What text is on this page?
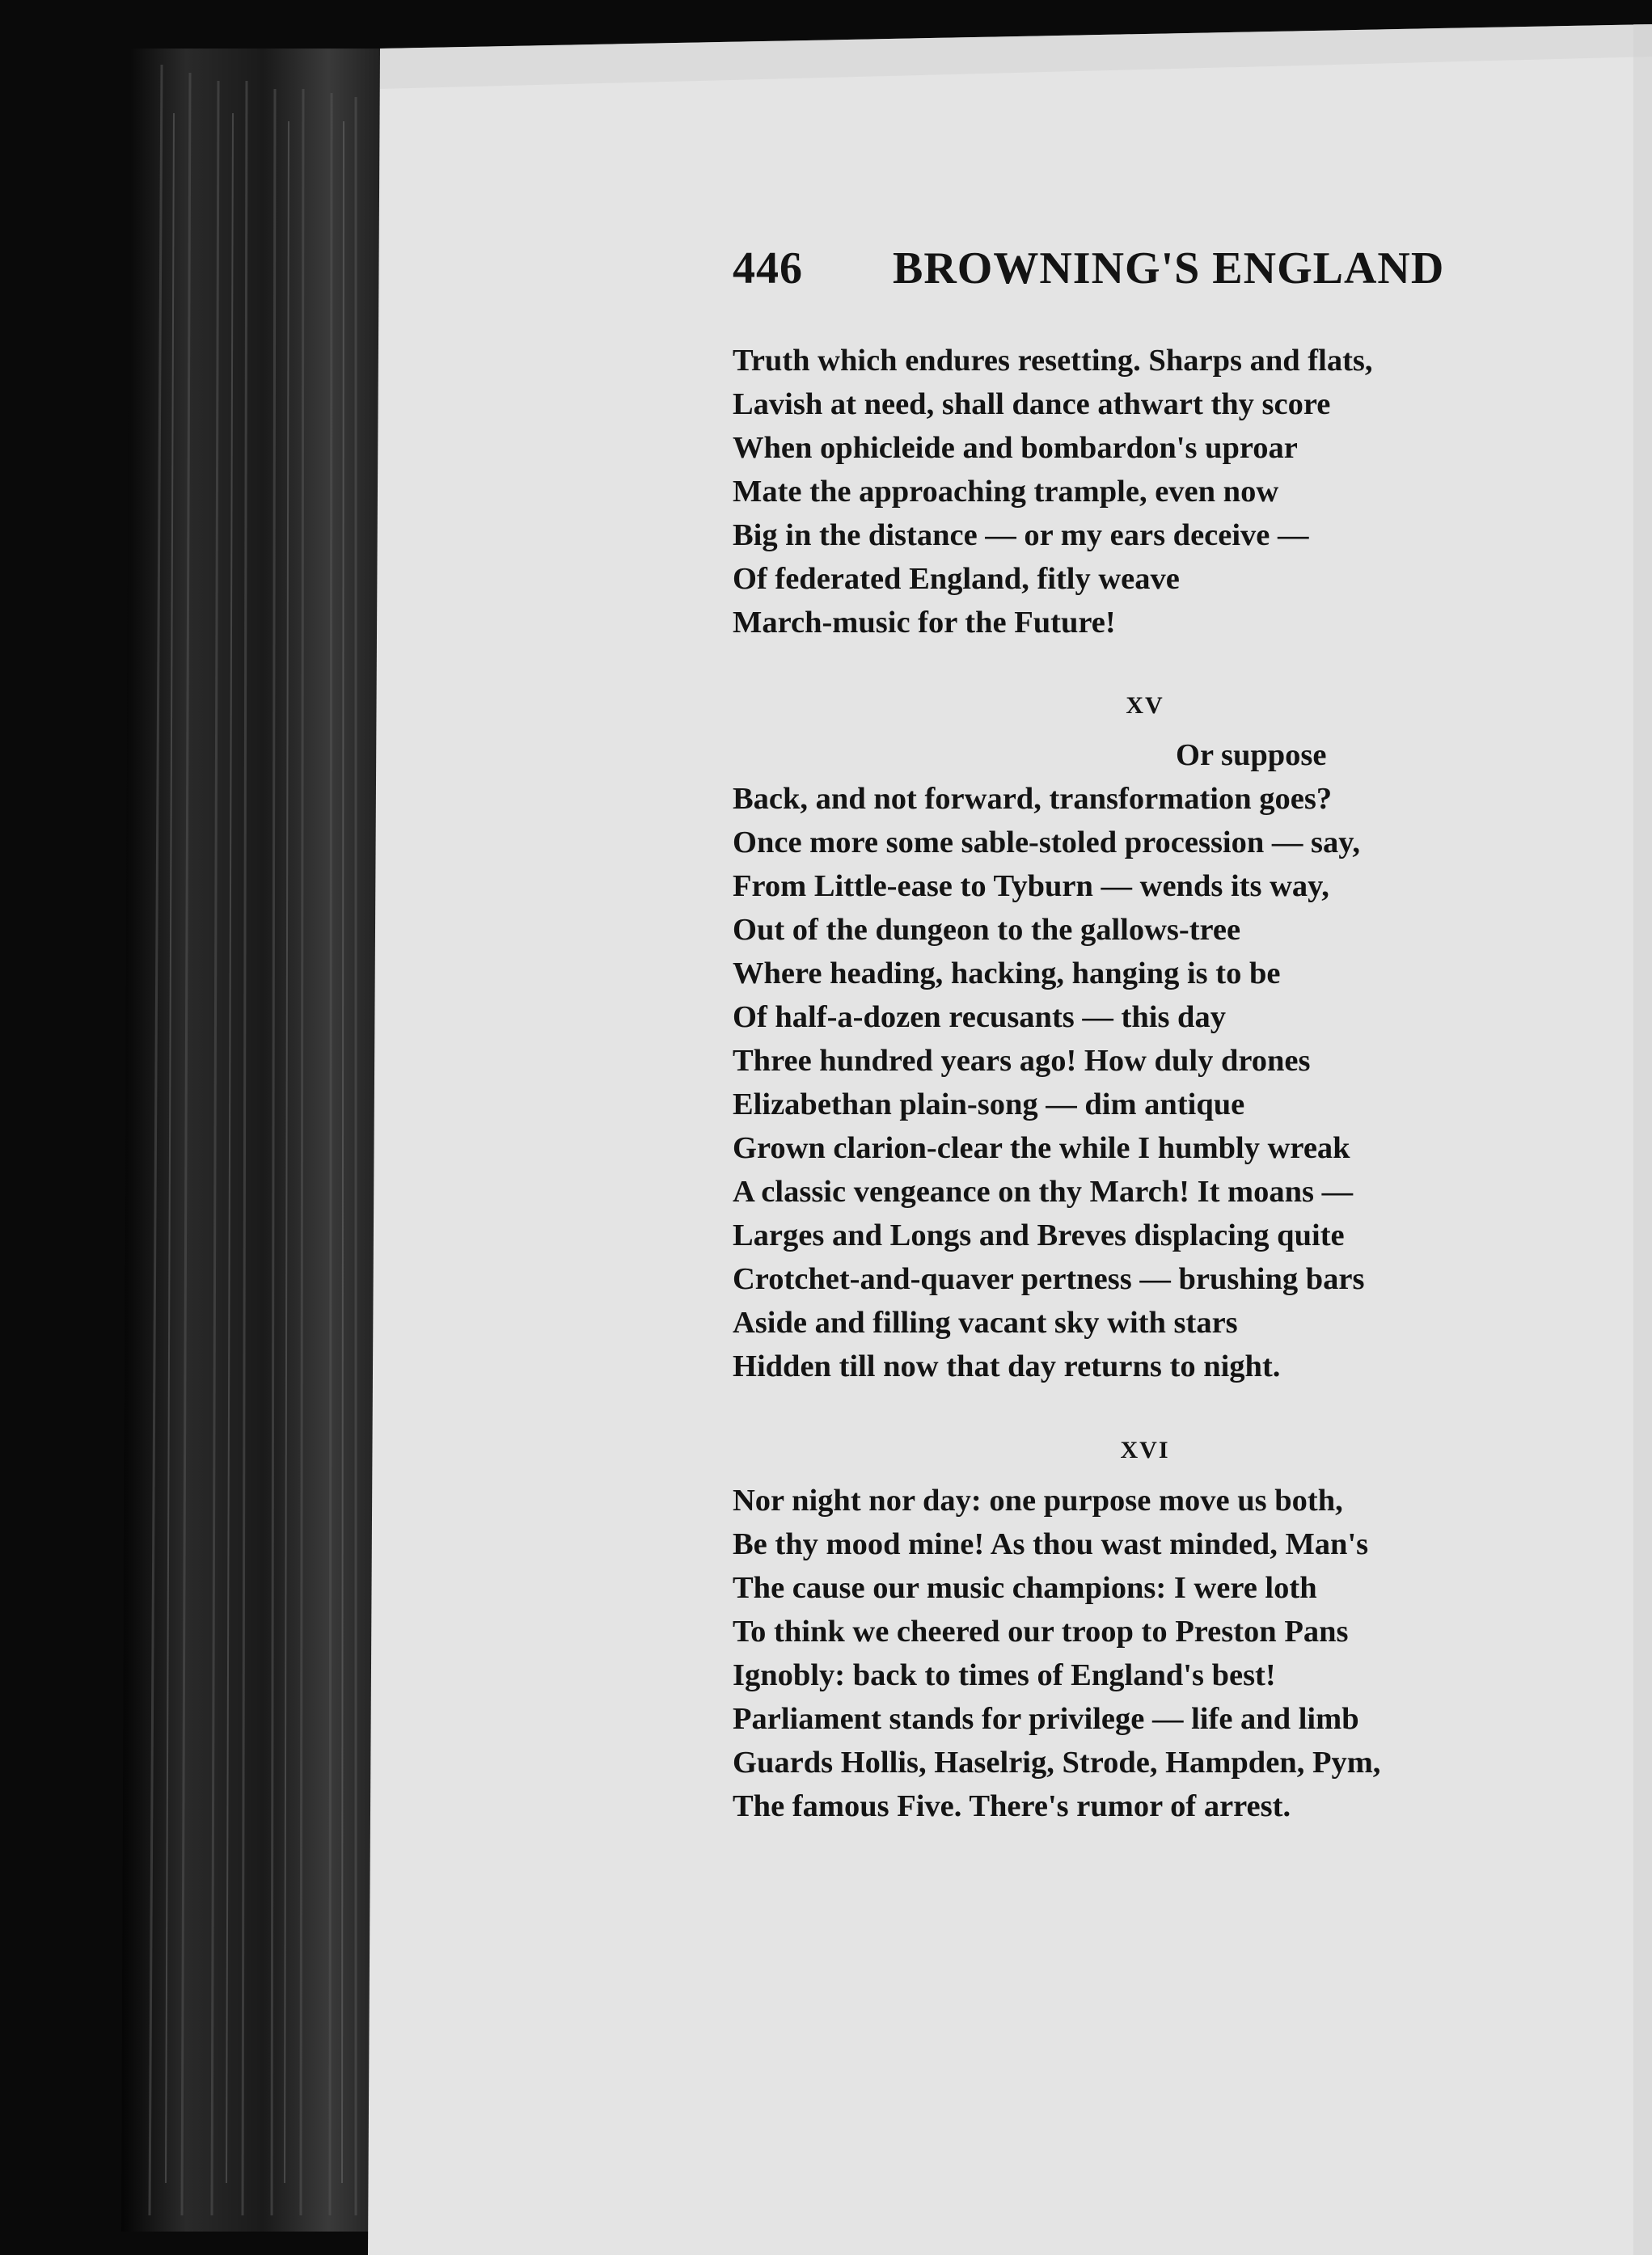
446 BROWNING'S ENGLAND
Truth which endures resetting. Sharps and flats,
Lavish at need, shall dance athwart thy score
When ophicleide and bombardon's uproar
Mate the approaching trample, even now
Big in the distance — or my ears deceive —
Of federated England, fitly weave
March-music for the Future!
XV
Or suppose
Back, and not forward, transformation goes?
Once more some sable-stoled procession — say,
From Little-ease to Tyburn — wends its way,
Out of the dungeon to the gallows-tree
Where heading, hacking, hanging is to be
Of half-a-dozen recusants — this day
Three hundred years ago! How duly drones
Elizabethan plain-song — dim antique
Grown clarion-clear the while I humbly wreak
A classic vengeance on thy March! It moans —
Larges and Longs and Breves displacing quite
Crotchet-and-quaver pertness — brushing bars
Aside and filling vacant sky with stars
Hidden till now that day returns to night.
XVI
Nor night nor day: one purpose move us both,
Be thy mood mine! As thou wast minded, Man's
The cause our music champions: I were loth
To think we cheered our troop to Preston Pans
Ignobly: back to times of England's best!
Parliament stands for privilege — life and limb
Guards Hollis, Haselrig, Strode, Hampden, Pym,
The famous Five. There's rumor of arrest.
